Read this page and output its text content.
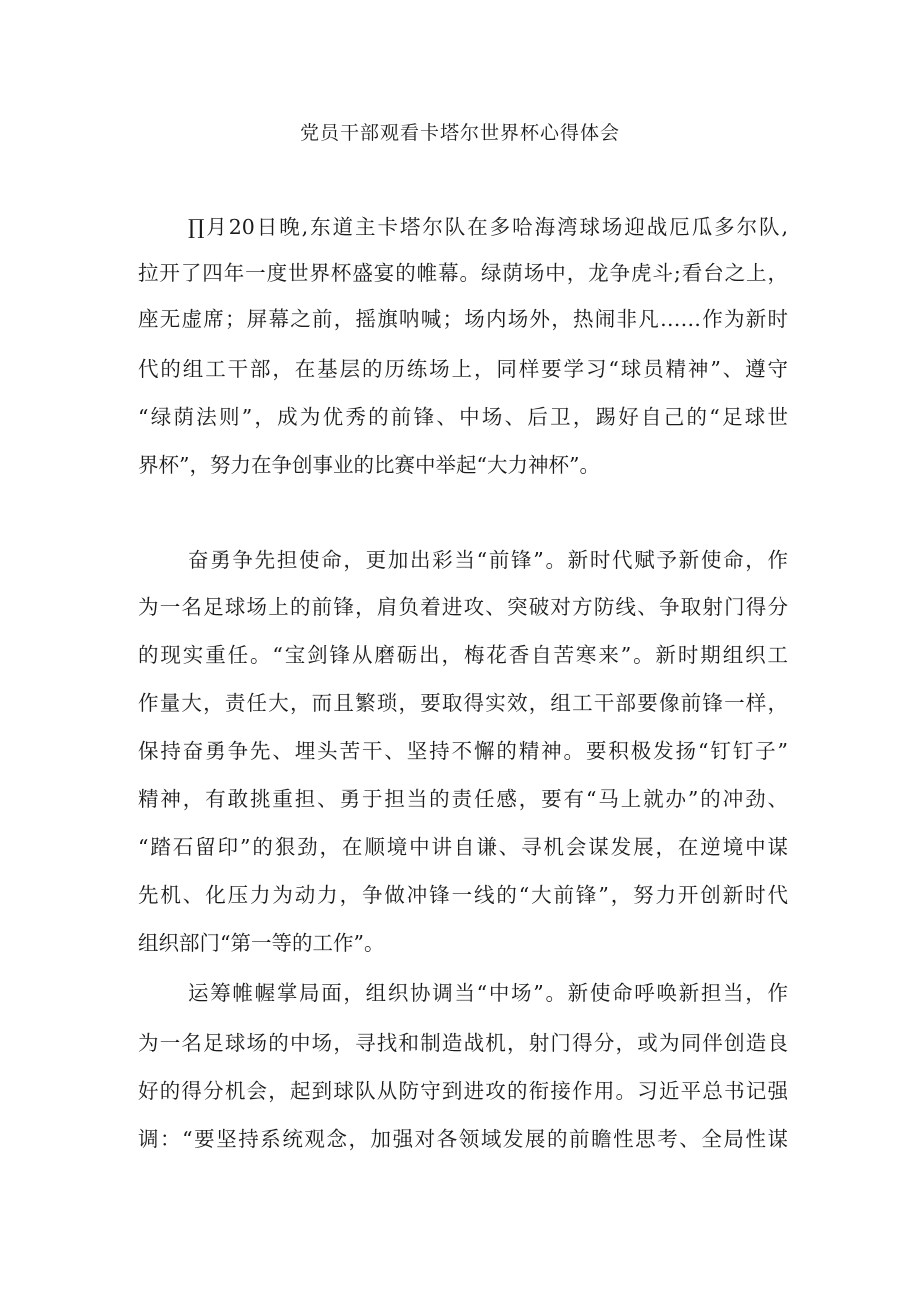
党员干部观看卡塔尔世界杯心得体会
∏月20日晚,东道主卡塔尔队在多哈海湾球场迎战厄瓜多尔队,
拉开了四年一度世界杯盛宴的帷幕。绿荫场中，龙争虎斗;看台之上，
座无虚席；屏幕之前，摇旗呐喊；场内场外，热闹非凡……作为新时
代的组工干部，在基层的历练场上，同样要学习“球员精神”、遵守
“绿荫法则”，成为优秀的前锋、中场、后卫，踢好自己的“足球世
界杯”，努力在争创事业的比赛中举起“大力神杯”。
奋勇争先担使命，更加出彩当“前锋”。新时代赋予新使命，作
为一名足球场上的前锋，肩负着进攻、突破对方防线、争取射门得分
的现实重任。“宝剑锋从磨砺出，梅花香自苦寒来”。新时期组织工
作量大，责任大，而且繁琐，要取得实效，组工干部要像前锋一样，
保持奋勇争先、埋头苦干、坚持不懈的精神。要积极发扬“钉钉子”
精神，有敢挑重担、勇于担当的责任感，要有“马上就办”的冲劲、
“踏石留印”的狠劲，在顺境中讲自谦、寻机会谋发展，在逆境中谋
先机、化压力为动力，争做冲锋一线的“大前锋”，努力开创新时代
组织部门“第一等的工作”。
运筹帷幄掌局面，组织协调当“中场”。新使命呼唤新担当，作
为一名足球场的中场，寻找和制造战机，射门得分，或为同伴创造良
好的得分机会，起到球队从防守到进攻的衔接作用。习近平总书记强
调：“要坚持系统观念，加强对各领域发展的前瞻性思考、全局性谋
